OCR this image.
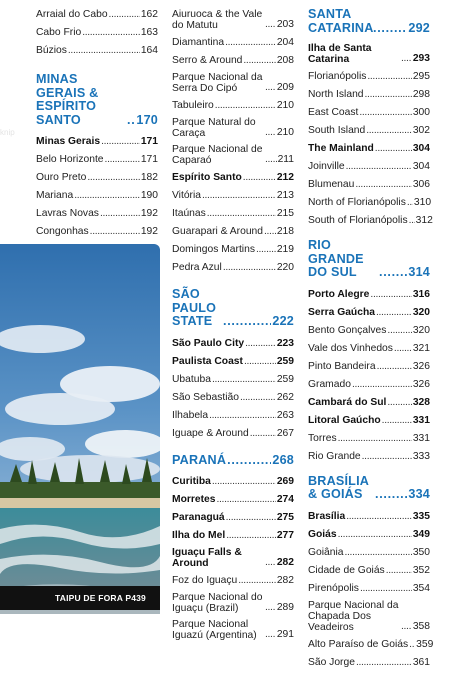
knip
Arraial do Cabo . . .	162
Cabo Frio . . .	163
Búzios . . .	164
MINAS GERAIS & ESPÍRITO SANTO . . .	170
Minas Gerais . . .	171
Belo Horizonte . . .	171
Ouro Preto . . .	182
Mariana . . .	190
Lavras Novas . . .	192
Congonhas . . .	192
. . .
. . .
. . .
TAIPU DE FORA P439
Aiuruoca & the Vale do Matutu . . .	203
Diamantina . . .	204
Serro & Around . . .	208
Parque Nacional da Serra Do Cipó . . .	209
Tabuleiro . . .	210
Parque Natural do Caraça . . .	210
Parque Nacional de Caparaó . . .	211
Espírito Santo . . .	212
Vitória . . .	213
Itaúnas . . .	215
Guarapari & Around . . . 218
Domingos Martins . . . 219
Pedra Azul . . .	220
SÃO PAULO STATE . . .	222
São Paulo City . . .	223
Paulista Coast . . .	259
Ubatuba . . .	259
São Sebastião . . .	262
Ilhabela . . .	263
Iguape & Around . . .	267
PARANÁ . . .	268
Curitiba . . .	269
Morretes . . .	274
Paranaguá . . .	275
Ilha do Mel . . .	277
Iguaçu Falls & Around . . .	282
Foz do Iguaçu . . .	282
Parque Nacional do Iguaçu (Brazil) . . .	289
Parque Nacional Iguazú (Argentina) . . .	291
SANTA CATARINA . . .	292
Ilha de Santa Catarina . . .	293
Florianópolis . . .	295
North Island . . .	298
East Coast . . .	300
South Island . . .	302
The Mainland . . .	304
Joinville . . .	304
Blumenau . . .	306
North of Florianópolis . . . 310
South of Florianópolis . . . 312
RIO GRANDE DO SUL . . .	314
Porto Alegre . . .	316
Serra Gaúcha . . .	320
Bento Gonçalves . . .	320
Vale dos Vinhedos . . . 321
Pinto Bandeira . . .	326
Gramado . . .	326
Cambará do Sul . . .	328
Litoral Gaúcho . . .	331
Torres . . .	331
Rio Grande . . .	333
BRASÍLIA & GOIÁS . . .	334
Brasília . . .	335
Goiás . . .	349
Goiânia . . .	350
Cidade de Goiás . . .	352
Pirenópolis . . .	354
Parque Nacional da Chapada Dos Veadeiros . . .	358
Alto Paraíso de Goiás . . . 359
São Jorge . . .	361
